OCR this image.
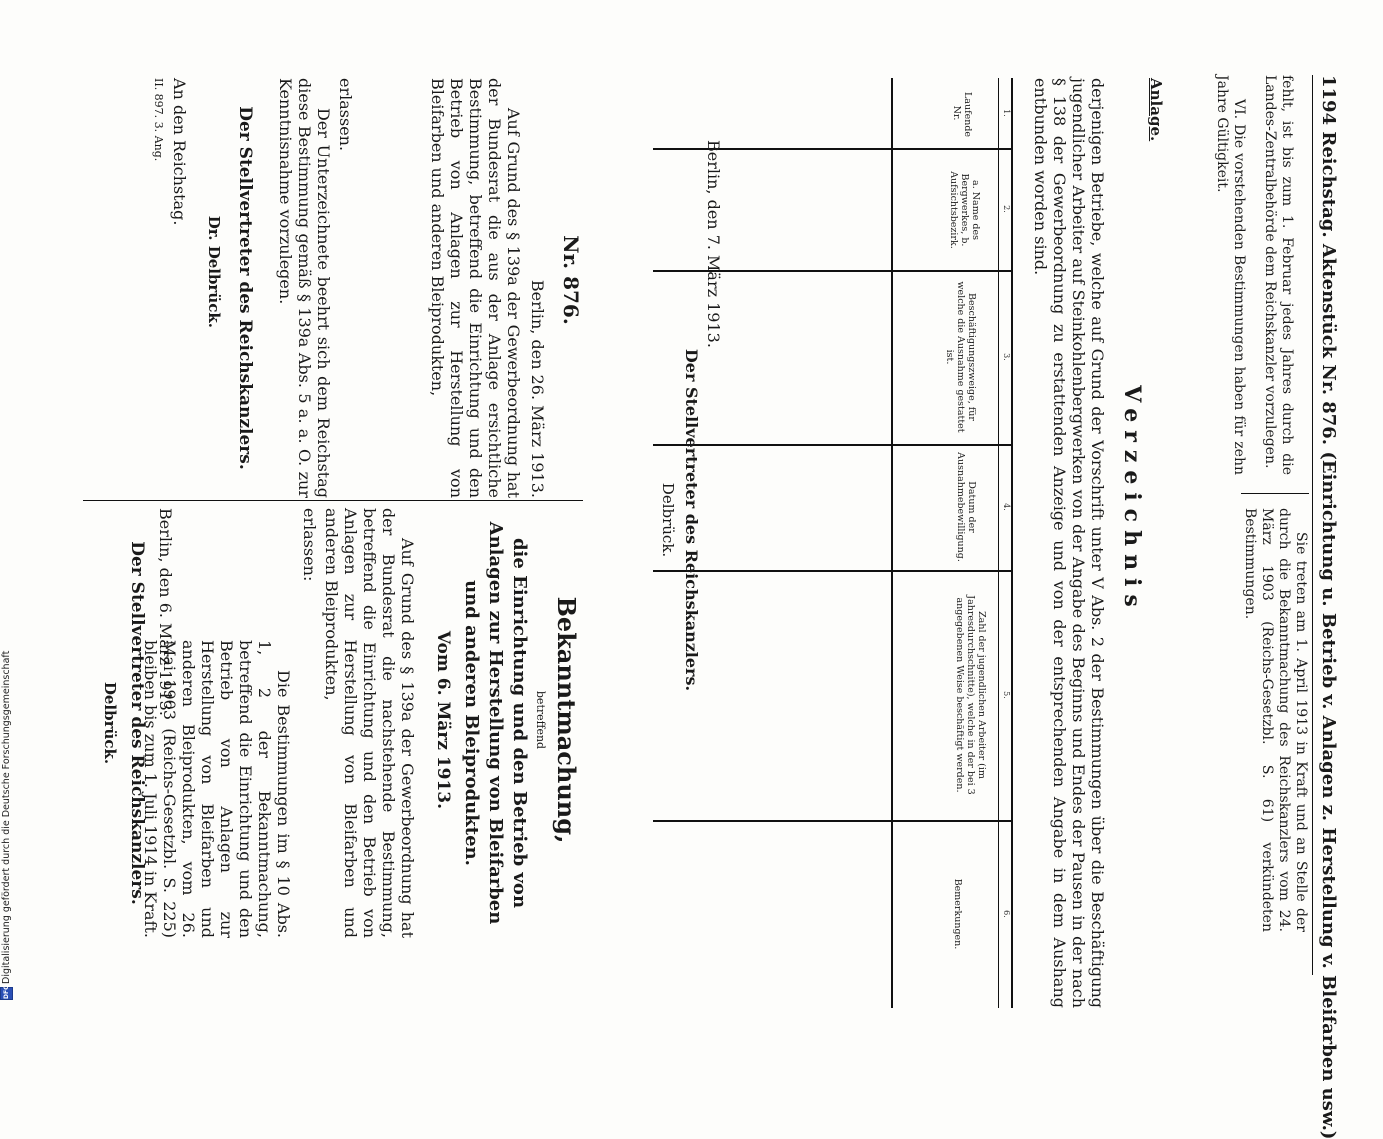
DFGDigitalisierung gefördert durch die Deutsche Forschungsgemeinschaft	1194 Reichstag. Aktenstück Nr. 876. (Einrichtung u. Betrieb v. Anlagen z. Herstellung v. Bleifarben usw.)

fehlt, ist bis zum 1. Februar jedes Jahres durch die Landes-Zentralbehörde dem Reichskanzler vorzulegen.

VI. Die vorstehenden Bestimmungen haben für zehn Jahre Gültigkeit.

Sie treten am 1. April 1913 in Kraft und an Stelle der durch die Bekanntmachung des Reichskanzlers vom 24. März 1903 (Reichs-Gesetzbl. S. 61) verkündeten Bestimmungen.
Anlage.
Verzeichnis
derjenigen Betriebe, welche auf Grund der Vorschrift unter V Abs. 2 der Bestimmungen über die Beschäftigung jugendlicher Arbeiter auf Steinkohlenbergwerken von der Angabe des Beginns und Endes der Pausen in der nach § 138 der Gewerbeordnung zu erstattenden Anzeige und von der entsprechenden Angabe in dem Aushang entbunden worden sind.
1.
2.
3.
4.
5.
6.
Laufende Nr.
a. Name des Bergwerkes, b. Aufsichtsbezirk.
Beschäftigungszweige, für welche die Ausnahme gestattet ist.
Datum der Ausnahmebewilligung.
Zahl der jugendlichen Arbeiter (im Jahresdurchschnitte), welche in der bei 3 angegebenen Weise beschäftigt werden.
Bemerkungen.
Berlin, den 7. März 1913.
Der Stellvertreter des Reichskanzlers.
Delbrück.
Nr. 876.
Berlin, den 26. März 1913.
Auf Grund des § 139a der Gewerbeordnung hat der Bundesrat die aus der Anlage ersichtliche Bestimmung, betreffend die Einrichtung und den Betrieb von Anlagen zur Herstellung von Bleifarben und anderen Bleiprodukten,
erlassen.
Der Unterzeichnete beehrt sich dem Reichstag diese Bestimmung gemäß § 139a Abs. 5 a. a. O. zur Kenntnisnahme vorzulegen.
Der Stellvertreter des Reichskanzlers.
Dr. Delbrück.
An den Reichstag.
II. 897. 3. Ang.
Bekanntmachung,
betreffend
die Einrichtung und den Betrieb von Anlagen zur Herstellung von Bleifarben und anderen Bleiprodukten.
Vom 6. März 1913.
Auf Grund des § 139a der Gewerbeordnung hat der Bundesrat die nachstehende Bestimmung, betreffend die Einrichtung und den Betrieb von Anlagen zur Herstellung von Bleifarben und anderen Bleiprodukten,
erlassen:
Die Bestimmungen im § 10 Abs. 1, 2 der Bekanntmachung, betreffend die Einrichtung und den Betrieb von Anlagen zur Herstellung von Bleifarben und anderen Bleiprodukten, vom 26. Mai 1903 (Reichs-Gesetzbl. S. 225) bleiben bis zum 1. Juli 1914 in Kraft.
Berlin, den 6. März 1913.
Der Stellvertreter des Reichskanzlers.
Delbrück.
